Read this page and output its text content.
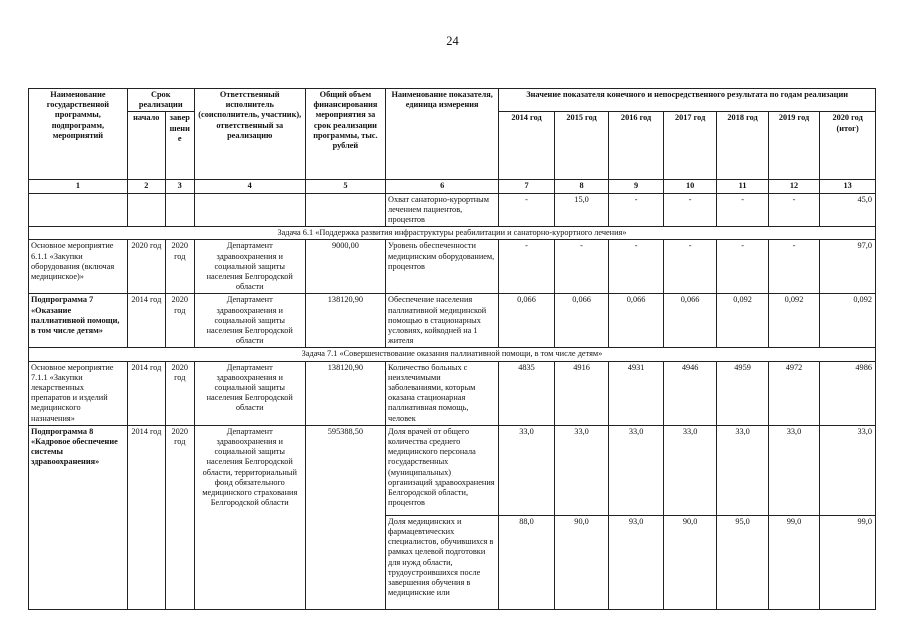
24
Наименование государственной программы, подпрограмм, мероприятий	Срок реализации		Ответственный исполнитель (соисполнитель, участник), ответственный за реализацию	Общий объем финансирования мероприятия за срок реализации программы, тыс. рублей	Наименование показателя, единица измерения	Значение показателя конечного и непосредственного результата по годам реализации						
	начало	завершение				2014 год	2015 год	2016 год	2017 год	2018 год	2019 год	2020 год (итог)
1	2	3	4	5	6	7	8	9	10	11	12	13
					Охват санаторно-курортным лечением пациентов, процентов	-	15,0	-	-	-	-	45,0
Задача 6.1 «Поддержка развития инфраструктуры реабилитации и санаторно-курортного лечения»												
Основное мероприятие 6.1.1 «Закупки оборудования (включая медицинское)»	2020 год	2020 год	Департамент здравоохранения и социальной защиты населения Белгородской области	9000,00	Уровень обеспеченности медицинским оборудованием, процентов	-	-	-	-	-	-	97,0
Подпрограмма 7 «Оказание паллиативной помощи, в том числе детям»	2014 год	2020 год	Департамент здравоохранения и социальной защиты населения Белгородской области	138120,90	Обеспечение населения паллиативной медицинской помощью в стационарных условиях, койкодней на 1 жителя	0,066	0,066	0,066	0,066	0,092	0,092	0,092
Задача 7.1 «Совершенствование оказания паллиативной помощи, в том числе детям»												
Основное мероприятие 7.1.1 «Закупки лекарственных препаратов и изделий медицинского назначения»	2014 год	2020 год	Департамент здравоохранения и социальной защиты населения Белгородской области	138120,90	Количество больных с неизлечимыми заболеваниями, которым оказана стационарная паллиативная помощь, человек	4835	4916	4931	4946	4959	4972	4986
Подпрограмма 8 «Кадровое обеспечение системы здравоохранения»	2014 год	2020 год	Департамент здравоохранения и социальной защиты населения Белгородской области, территориальный фонд обязательного медицинского страхования Белгородской области	595388,50	Доля врачей от общего количества среднего медицинского персонала государственных (муниципальных) организаций здравоохранения Белгородской области, процентов	33,0	33,0	33,0	33,0	33,0	33,0	33,0
					Доля медицинских и фармацевтических специалистов, обучившихся в рамках целевой подготовки для нужд области, трудоустроившихся после завершения обучения в медицинские или	88,0	90,0	93,0	90,0	95,0	99,0	99,0
